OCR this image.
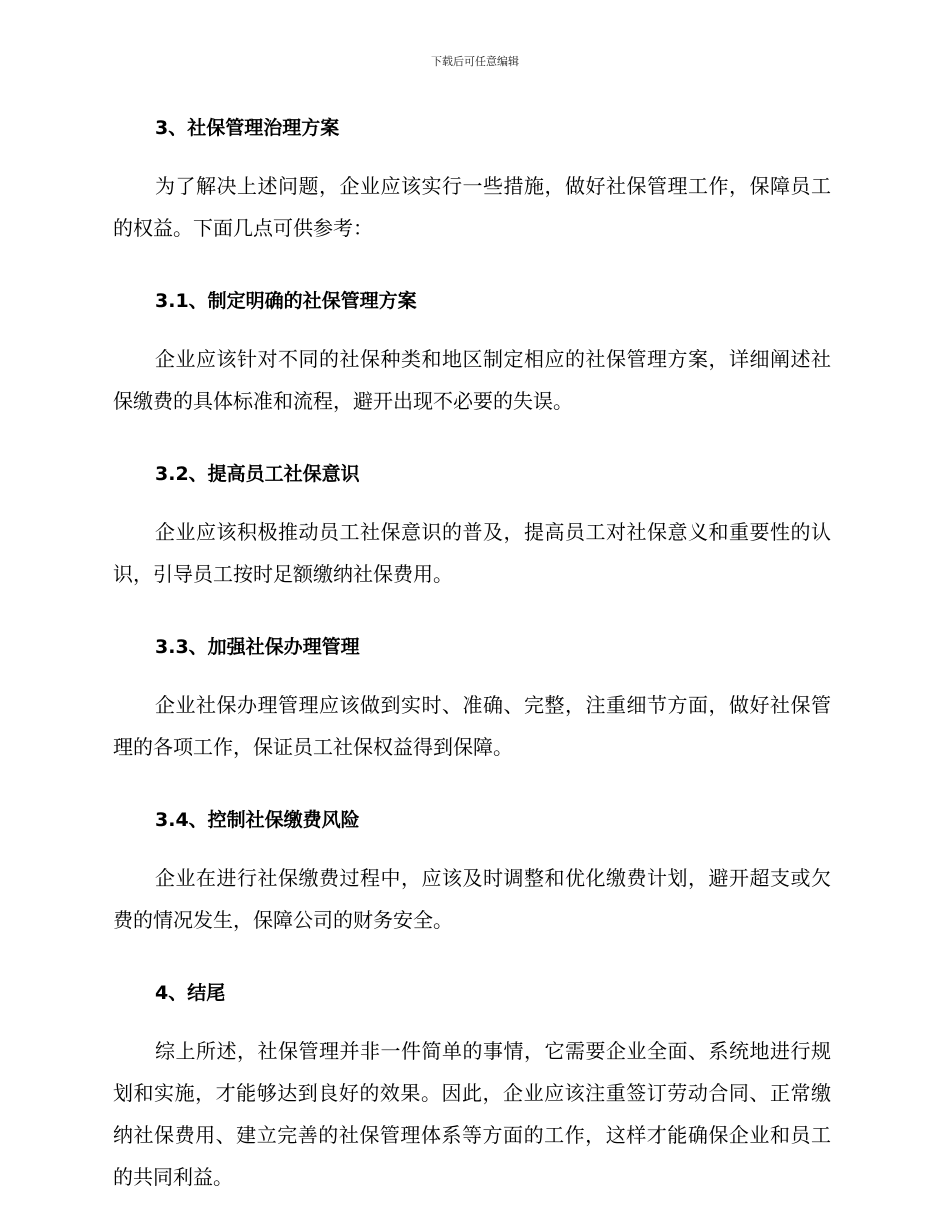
下载后可任意编辑
3、社保管理治理方案

为了解决上述问题，企业应该实行一些措施，做好社保管理工作，保障员工的权益。下面几点可供参考：

3.1、制定明确的社保管理方案

企业应该针对不同的社保种类和地区制定相应的社保管理方案，详细阐述社保缴费的具体标准和流程，避开出现不必要的失误。

3.2、提高员工社保意识

企业应该积极推动员工社保意识的普及，提高员工对社保意义和重要性的认识，引导员工按时足额缴纳社保费用。

3.3、加强社保办理管理

企业社保办理管理应该做到实时、准确、完整，注重细节方面，做好社保管理的各项工作，保证员工社保权益得到保障。

3.4、控制社保缴费风险

企业在进行社保缴费过程中，应该及时调整和优化缴费计划，避开超支或欠费的情况发生，保障公司的财务安全。

4、结尾

综上所述，社保管理并非一件简单的事情，它需要企业全面、系统地进行规划和实施，才能够达到良好的效果。因此，企业应该注重签订劳动合同、正常缴纳社保费用、建立完善的社保管理体系等方面的工作，这样才能确保企业和员工的共同利益。
